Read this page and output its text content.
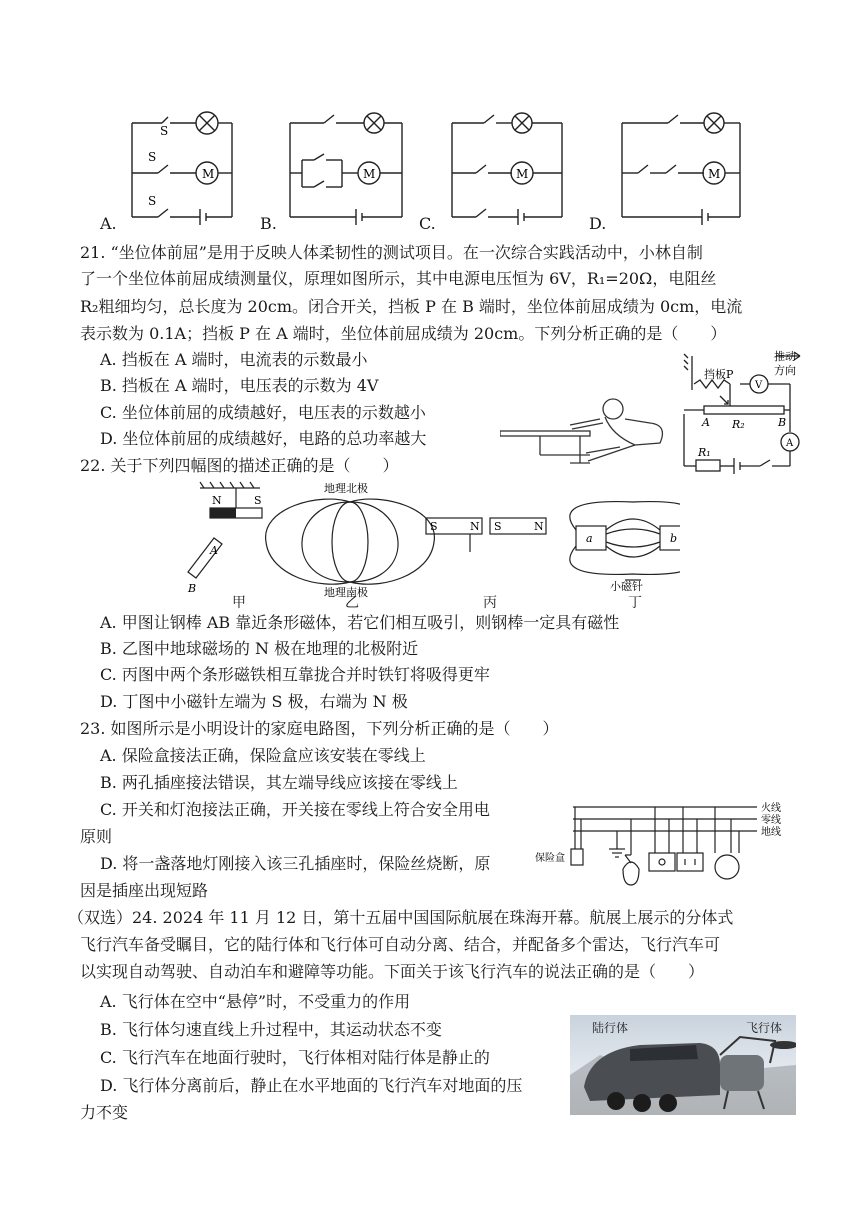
M
S
S
S
M	M	M
A.	B.	C.	D.
21. “坐位体前屈”是用于反映人体柔韧性的测试项目。在一次综合实践活动中，小林自制
了一个坐位体前屈成绩测量仪，原理如图所示，其中电源电压恒为 6V，R₁=20Ω，电阻丝
R₂粗细均匀，总长度为 20cm。闭合开关，挡板 P 在 B 端时，坐位体前屈成绩为 0cm，电流
表示数为 0.1A；挡板 P 在 A 端时，坐位体前屈成绩为 20cm。下列分析正确的是（　　）
A. 挡板在 A 端时，电流表的示数最小
B. 挡板在 A 端时，电压表的示数为 4V
C. 坐位体前屈的成绩越好，电压表的示数越小
D. 坐位体前屈的成绩越好，电路的总功率越大
推动
方向
挡板P
V
A R₂	B
A
R₁
22. 关于下列四幅图的描述正确的是（　　）
N	S
A
B
地理北极
地理南极
S	N S	N
a	b
小磁针
甲	乙	丙	丁
A. 甲图让钢棒 AB 靠近条形磁体，若它们相互吸引，则钢棒一定具有磁性
B. 乙图中地球磁场的 N 极在地理的北极附近
C. 丙图中两个条形磁铁相互靠拢合并时铁钉将吸得更牢
D. 丁图中小磁针左端为 S 极，右端为 N 极
23. 如图所示是小明设计的家庭电路图，下列分析正确的是（　　）
A. 保险盒接法正确，保险盒应该安装在零线上
B. 两孔插座接法错误，其左端导线应该接在零线上
C. 开关和灯泡接法正确，开关接在零线上符合安全用电
原则
D. 将一盏落地灯刚接入该三孔插座时，保险丝烧断，原
因是插座出现短路
火线
零线
地线
保险盒
（双选）24. 2024 年 11 月 12 日，第十五届中国国际航展在珠海开幕。航展上展示的分体式
飞行汽车备受瞩目，它的陆行体和飞行体可自动分离、结合，并配备多个雷达，飞行汽车可
以实现自动驾驶、自动泊车和避障等功能。下面关于该飞行汽车的说法正确的是（　　）
A. 飞行体在空中“悬停”时，不受重力的作用
B. 飞行体匀速直线上升过程中，其运动状态不变
C. 飞行汽车在地面行驶时，飞行体相对陆行体是静止的
D. 飞行体分离前后，静止在水平地面的飞行汽车对地面的压
力不变
陆行体	飞行体
